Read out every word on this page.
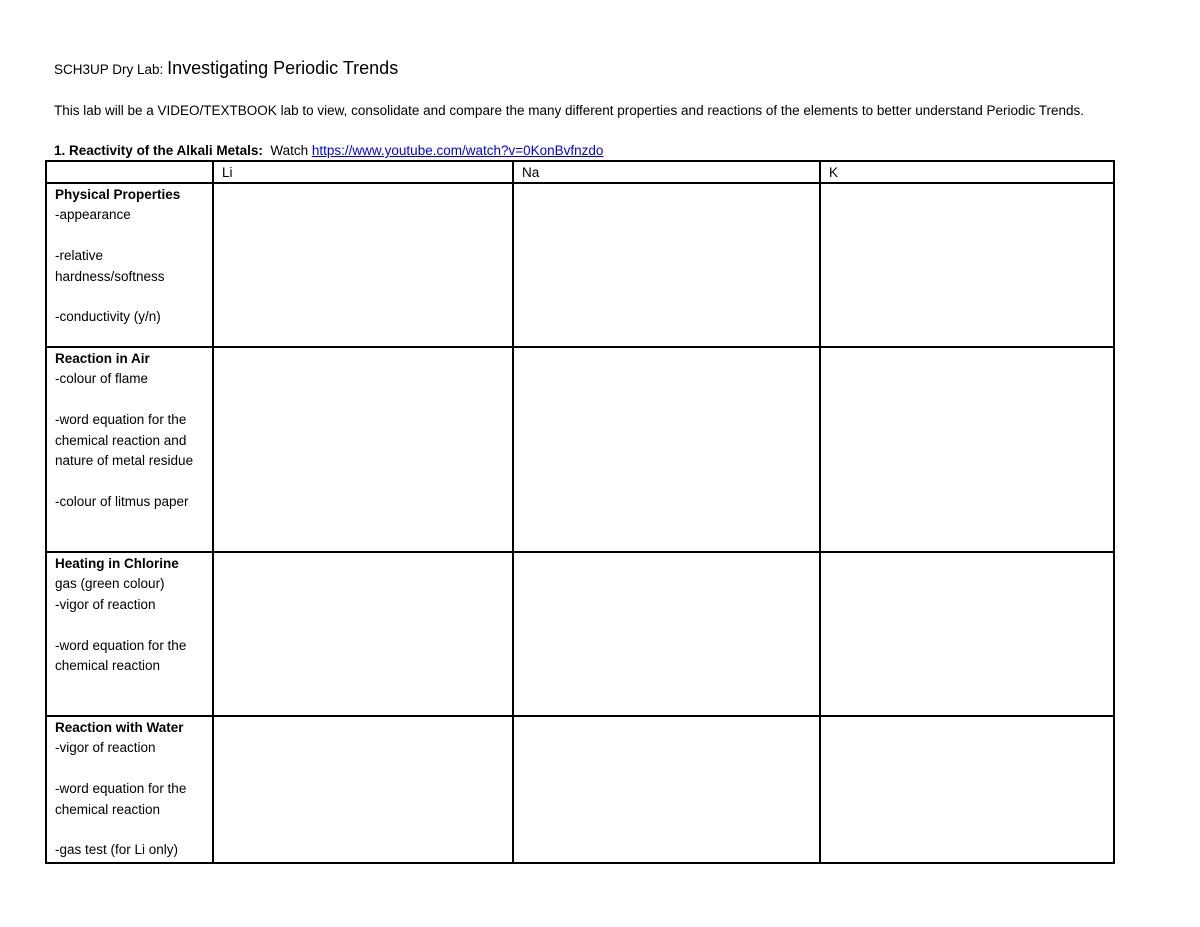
SCH3UP Dry Lab: Investigating Periodic Trends
This lab will be a VIDEO/TEXTBOOK lab to view, consolidate and compare the many different properties and reactions of the elements to better understand Periodic Trends.
1. Reactivity of the Alkali Metals: Watch https://www.youtube.com/watch?v=0KonBvfnzdo
	Li	Na	K
Physical Properties
-appearance
-relative hardness/softness
-conductivity (y/n)			

Reaction in Air
-colour of flame
-word equation for the chemical reaction and nature of metal residue
-colour of litmus paper			

Heating in Chlorine
gas (green colour)
-vigor of reaction
-word equation for the chemical reaction			

Reaction with Water
-vigor of reaction
-word equation for the chemical reaction
-gas test (for Li only)			
